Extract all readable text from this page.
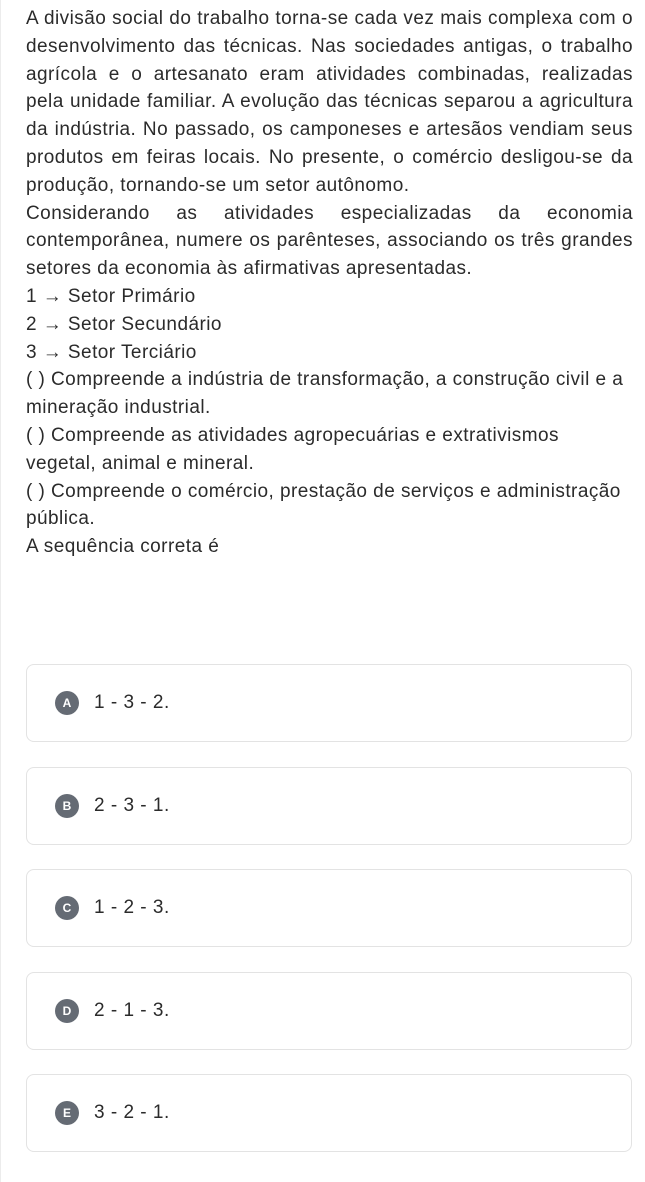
A divisão social do trabalho torna-se cada vez mais complexa com o desenvolvimento das técnicas. Nas sociedades antigas, o trabalho agrícola e o artesanato eram atividades combinadas, realizadas pela unidade familiar. A evolução das técnicas separou a agricultura da indústria. No passado, os camponeses e artesãos vendiam seus produtos em feiras locais. No presente, o comércio desligou-se da produção, tornando-se um setor autônomo.

Considerando as atividades especializadas da economia contemporânea, numere os parênteses, associando os três grandes setores da economia às afirmativas apresentadas.

1 → Setor Primário

2 → Setor Secundário

3 → Setor Terciário

( ) Compreende a indústria de transformação, a construção civil e a mineração industrial.

( ) Compreende as atividades agropecuárias e extrativismos vegetal, animal e mineral.

( ) Compreende o comércio, prestação de serviços e administração pública.

A sequência correta é

A	1 - 3 - 2.
B	2 - 3 - 1.
C	1 - 2 - 3.
D	2 - 1 - 3.
E	3 - 2 - 1.
